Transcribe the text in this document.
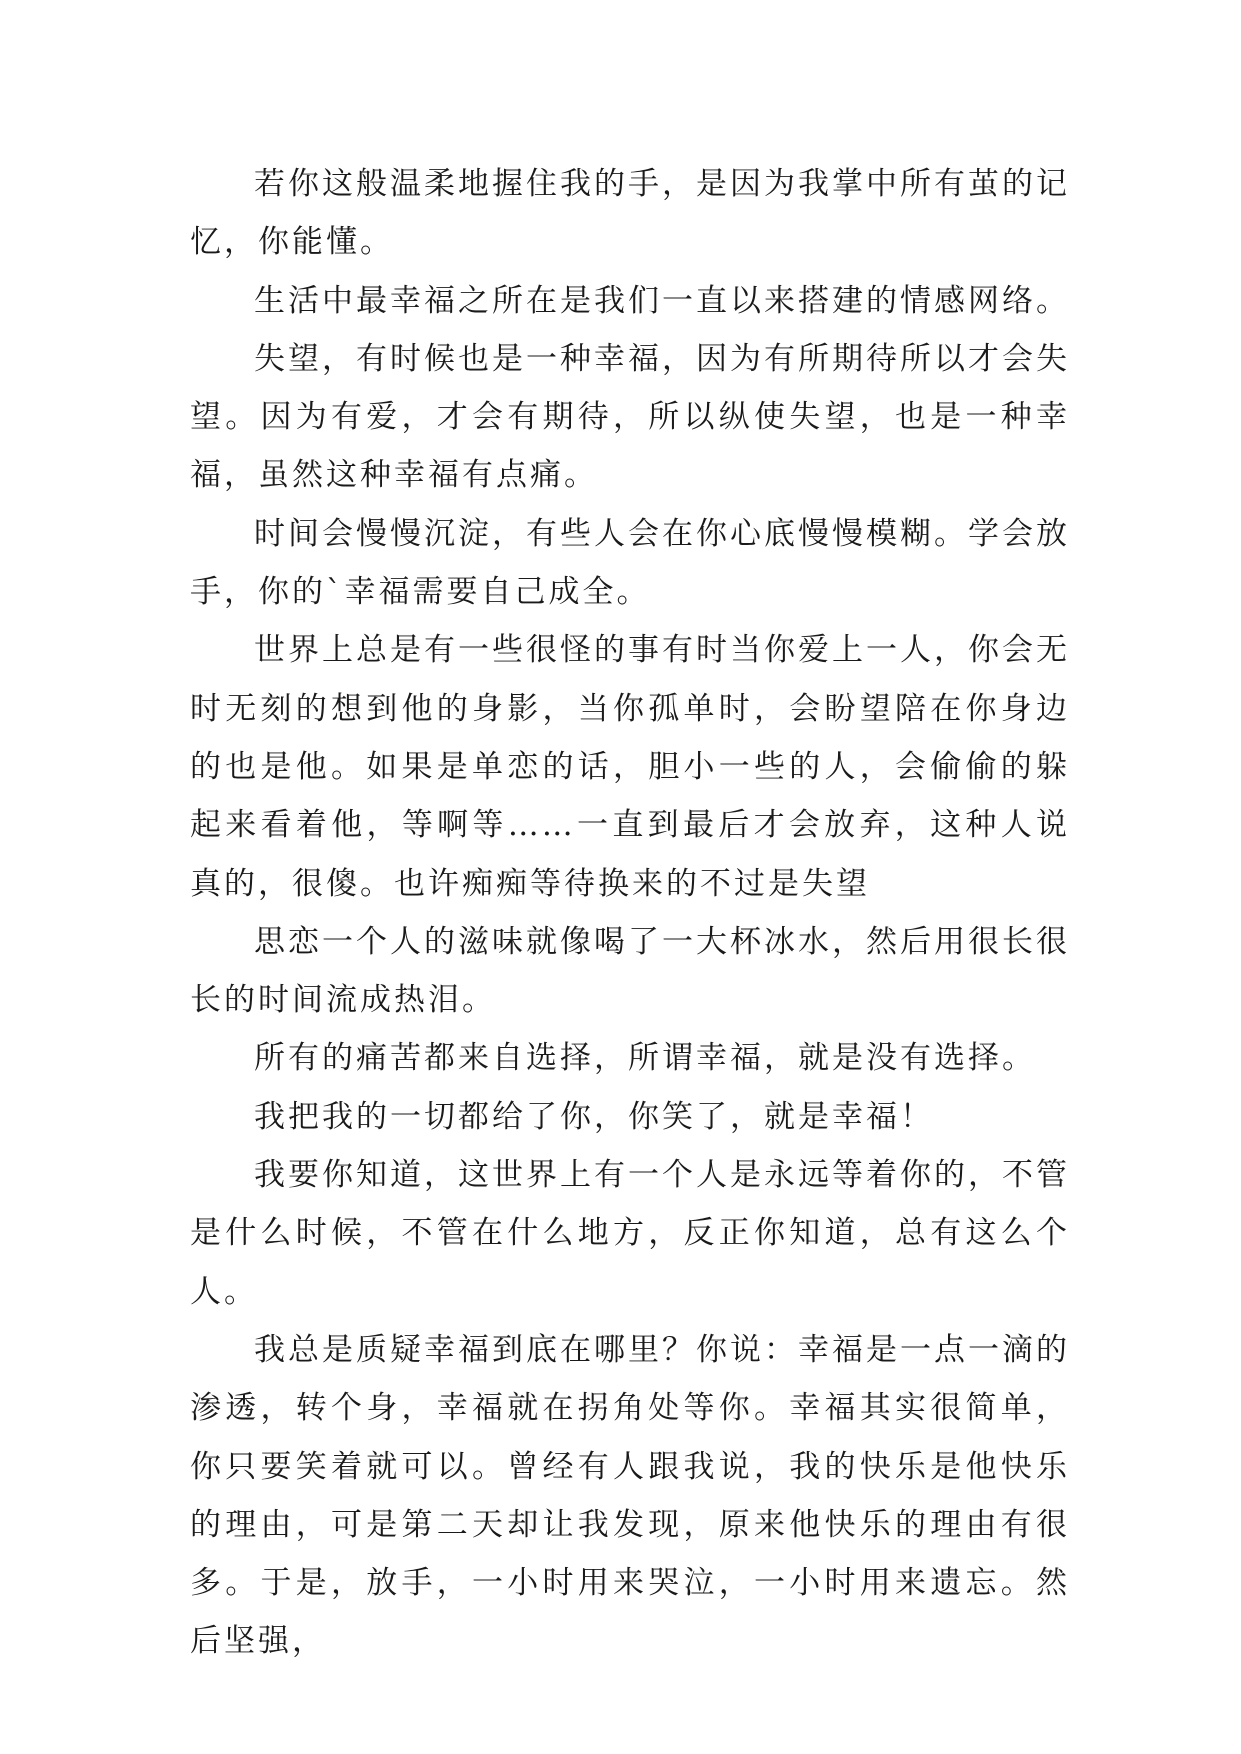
若你这般温柔地握住我的手，是因为我掌中所有茧的记忆，你能懂。

生活中最幸福之所在是我们一直以来搭建的情感网络。

失望，有时候也是一种幸福，因为有所期待所以才会失望。因为有爱，才会有期待，所以纵使失望，也是一种幸福，虽然这种幸福有点痛。

时间会慢慢沉淀，有些人会在你心底慢慢模糊。学会放手，你的`幸福需要自己成全。

世界上总是有一些很怪的事有时当你爱上一人，你会无时无刻的想到他的身影，当你孤单时，会盼望陪在你身边的也是他。如果是单恋的话，胆小一些的人，会偷偷的躲起来看着他，等啊等……一直到最后才会放弃，这种人说真的，很傻。也许痴痴等待换来的不过是失望

思恋一个人的滋味就像喝了一大杯冰水，然后用很长很长的时间流成热泪。

所有的痛苦都来自选择，所谓幸福，就是没有选择。

我把我的一切都给了你，你笑了，就是幸福！

我要你知道，这世界上有一个人是永远等着你的，不管是什么时候，不管在什么地方，反正你知道，总有这么个人。

我总是质疑幸福到底在哪里？你说：幸福是一点一滴的渗透，转个身，幸福就在拐角处等你。幸福其实很简单，你只要笑着就可以。曾经有人跟我说，我的快乐是他快乐的理由，可是第二天却让我发现，原来他快乐的理由有很多。于是，放手，一小时用来哭泣，一小时用来遗忘。然后坚强，
